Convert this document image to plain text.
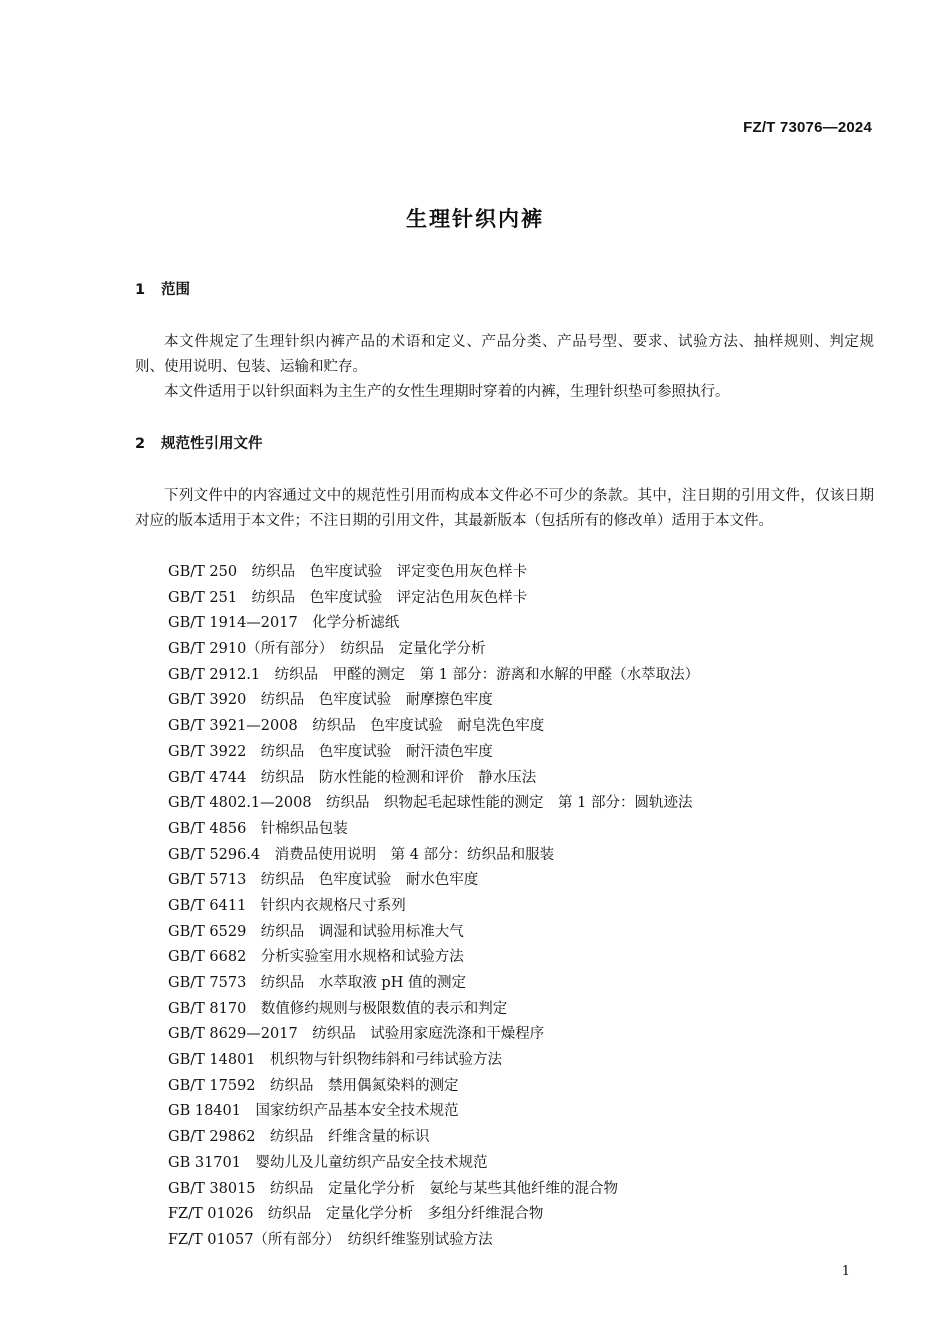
FZ/T 73076—2024
生理针织内裤
1 范围

本文件规定了生理针织内裤产品的术语和定义、产品分类、产品号型、要求、试验方法、抽样规则、判定规则、使用说明、包装、运输和贮存。

本文件适用于以针织面料为主生产的女性生理期时穿着的内裤，生理针织垫可参照执行。

2 规范性引用文件

下列文件中的内容通过文中的规范性引用而构成本文件必不可少的条款。其中，注日期的引用文件，仅该日期对应的版本适用于本文件；不注日期的引用文件，其最新版本（包括所有的修改单）适用于本文件。

GB/T 250　纺织品　色牢度试验　评定变色用灰色样卡
GB/T 251　纺织品　色牢度试验　评定沾色用灰色样卡
GB/T 1914—2017　化学分析滤纸
GB/T 2910（所有部分）　纺织品　定量化学分析
GB/T 2912.1　纺织品　甲醛的测定　第 1 部分：游离和水解的甲醛（水萃取法）
GB/T 3920　纺织品　色牢度试验　耐摩擦色牢度
GB/T 3921—2008　纺织品　色牢度试验　耐皂洗色牢度
GB/T 3922　纺织品　色牢度试验　耐汗渍色牢度
GB/T 4744　纺织品　防水性能的检测和评价　静水压法
GB/T 4802.1—2008　纺织品　织物起毛起球性能的测定　第 1 部分：圆轨迹法
GB/T 4856　针棉织品包装
GB/T 5296.4　消费品使用说明　第 4 部分：纺织品和服装
GB/T 5713　纺织品　色牢度试验　耐水色牢度
GB/T 6411　针织内衣规格尺寸系列
GB/T 6529　纺织品　调湿和试验用标准大气
GB/T 6682　分析实验室用水规格和试验方法
GB/T 7573　纺织品　水萃取液 pH 值的测定
GB/T 8170　数值修约规则与极限数值的表示和判定
GB/T 8629—2017　纺织品　试验用家庭洗涤和干燥程序
GB/T 14801　机织物与针织物纬斜和弓纬试验方法
GB/T 17592　纺织品　禁用偶氮染料的测定
GB 18401　国家纺织产品基本安全技术规范
GB/T 29862　纺织品　纤维含量的标识
GB 31701　婴幼儿及儿童纺织产品安全技术规范
GB/T 38015　纺织品　定量化学分析　氨纶与某些其他纤维的混合物
FZ/T 01026　纺织品　定量化学分析　多组分纤维混合物
FZ/T 01057（所有部分）　纺织纤维鉴别试验方法
1
